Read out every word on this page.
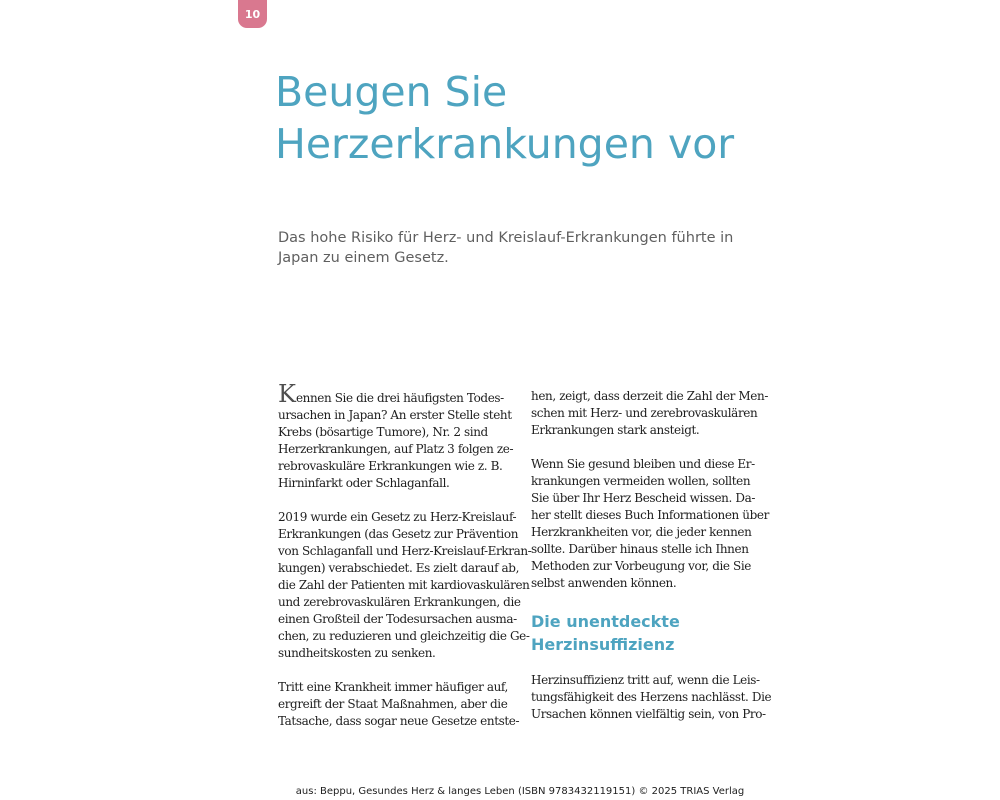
10
Beugen Sie
Herzerkrankungen vor

Das hohe Risiko für Herz- und Kreislauf-Erkrankungen führte in
Japan zu einem Gesetz.

Kennen Sie die drei häufigsten Todes-
ursachen in Japan? An erster Stelle steht
Krebs (bösartige Tumore), Nr. 2 sind
Herzerkrankungen, auf Platz 3 folgen ze-
rebrovaskuläre Erkrankungen wie z. B.
Hirninfarkt oder Schlaganfall.

2019 wurde ein Gesetz zu Herz-Kreislauf-
Erkrankungen (das Gesetz zur Prävention
von Schlaganfall und Herz-Kreislauf-Erkran-
kungen) verabschiedet. Es zielt darauf ab,
die Zahl der Patienten mit kardiovaskulären
und zerebrovaskulären Erkrankungen, die
einen Großteil der Todesursachen ausma-
chen, zu reduzieren und gleichzeitig die Ge-
sundheitskosten zu senken.

Tritt eine Krankheit immer häufiger auf,
ergreift der Staat Maßnahmen, aber die
Tatsache, dass sogar neue Gesetze entste-

hen, zeigt, dass derzeit die Zahl der Men-
schen mit Herz- und zerebrovaskulären
Erkrankungen stark ansteigt.

Wenn Sie gesund bleiben und diese Er-
krankungen vermeiden wollen, sollten
Sie über Ihr Herz Bescheid wissen. Da-
her stellt dieses Buch Informationen über
Herzkrankheiten vor, die jeder kennen
sollte. Darüber hinaus stelle ich Ihnen
Methoden zur Vorbeugung vor, die Sie
selbst anwenden können.

Die unentdeckte
Herzinsuffizienz

Herzinsuffizienz tritt auf, wenn die Leis-
tungsfähigkeit des Herzens nachlässt. Die
Ursachen können vielfältig sein, von Pro-

aus: Beppu, Gesundes Herz & langes Leben (ISBN 9783432119151) © 2025 TRIAS Verlag
